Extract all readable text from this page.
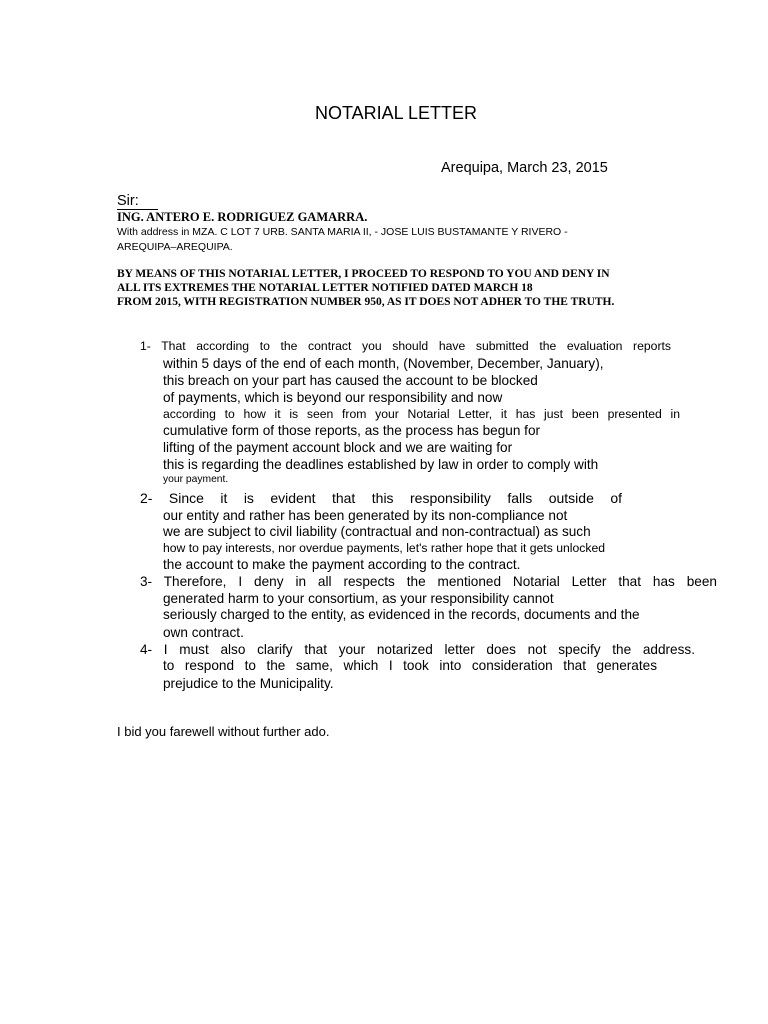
NOTARIAL LETTER
Arequipa, March 23, 2015
Sir:
ING. ANTERO E. RODRIGUEZ GAMARRA.
With address in MZA. C LOT 7 URB. SANTA MARIA II, - JOSE LUIS BUSTAMANTE Y RIVERO -
AREQUIPA–AREQUIPA.
BY MEANS OF THIS NOTARIAL LETTER, I PROCEED TO RESPOND TO YOU AND DENY IN
ALL ITS EXTREMES THE NOTARIAL LETTER NOTIFIED DATED MARCH 18
FROM 2015, WITH REGISTRATION NUMBER 950, AS IT DOES NOT ADHER TO THE TRUTH.
1- That according to the contract you should have submitted the evaluation reports
within 5 days of the end of each month, (November, December, January),
this breach on your part has caused the account to be blocked
of payments, which is beyond our responsibility and now
according to how it is seen from your Notarial Letter, it has just been presented in
cumulative form of those reports, as the process has begun for
lifting of the payment account block and we are waiting for
this is regarding the deadlines established by law in order to comply with
your payment.
2- Since it is evident that this responsibility falls outside of
our entity and rather has been generated by its non-compliance not
we are subject to civil liability (contractual and non-contractual) as such
how to pay interests, nor overdue payments, let's rather hope that it gets unlocked
the account to make the payment according to the contract.
3- Therefore, I deny in all respects the mentioned Notarial Letter that has been
generated harm to your consortium, as your responsibility cannot
seriously charged to the entity, as evidenced in the records, documents and the
own contract.
4- I must also clarify that your notarized letter does not specify the address.
to respond to the same, which I took into consideration that generates
prejudice to the Municipality.
I bid you farewell without further ado.
